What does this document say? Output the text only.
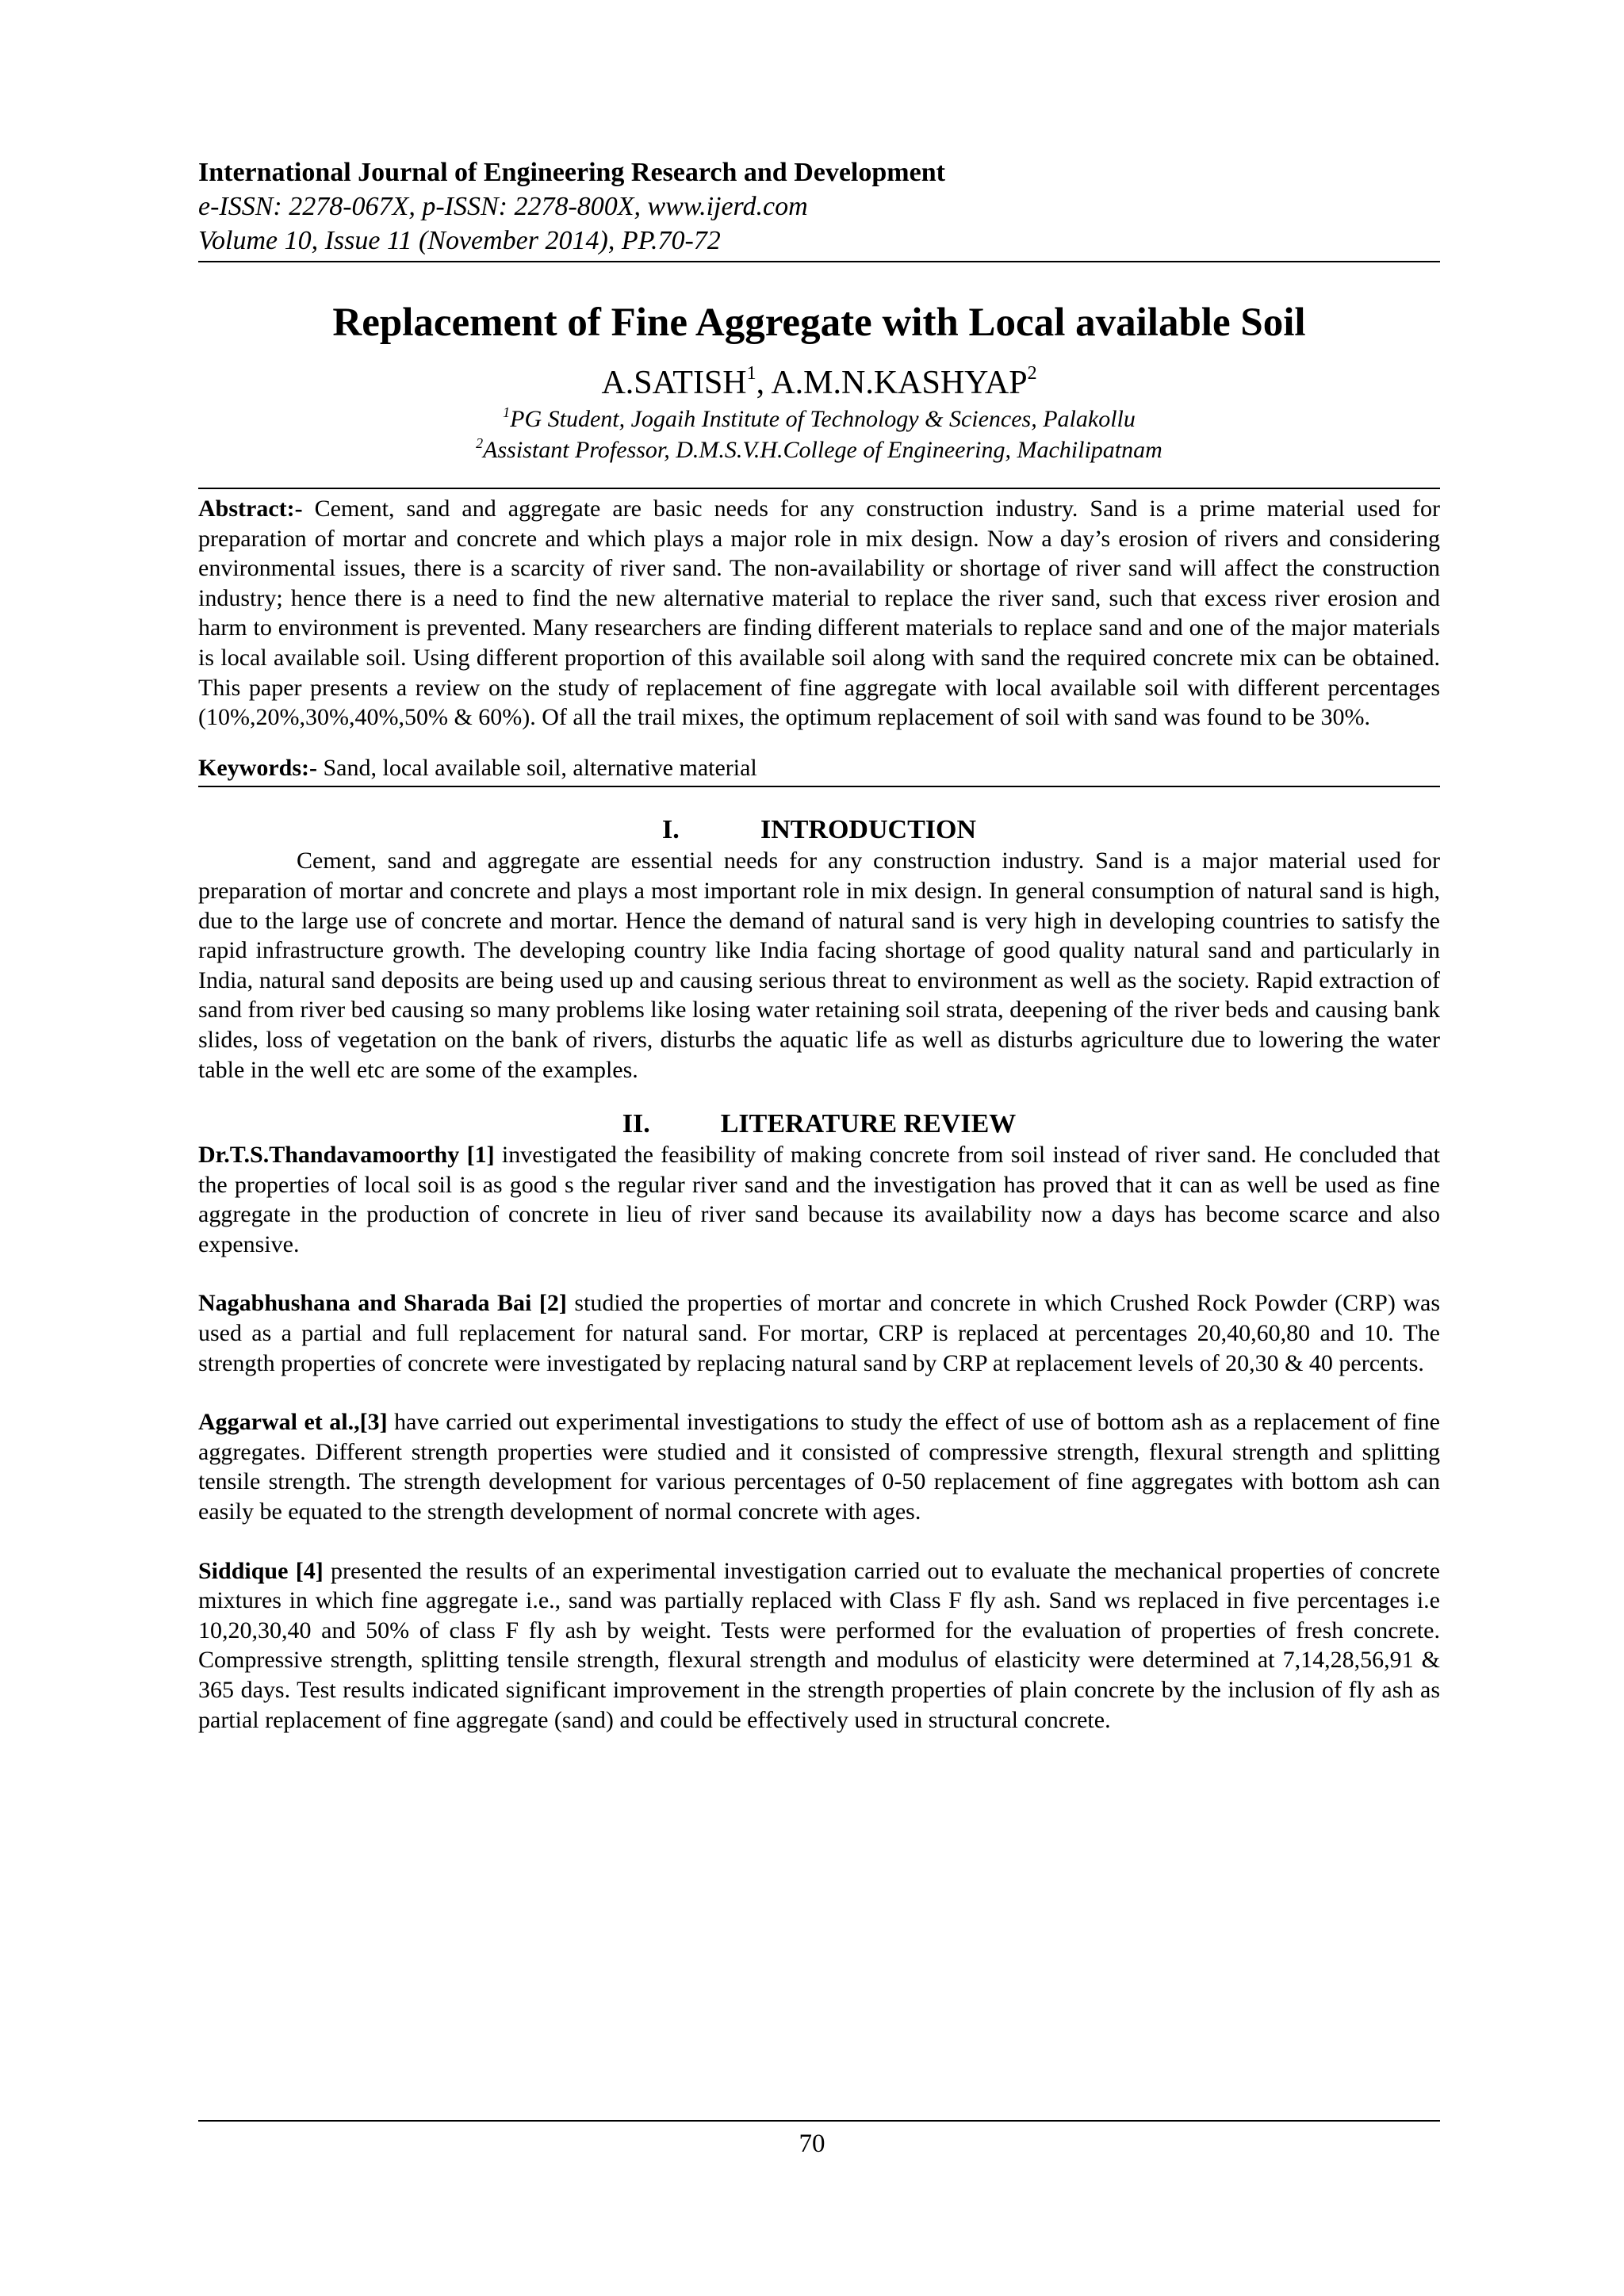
International Journal of Engineering Research and Development
e-ISSN: 2278-067X, p-ISSN: 2278-800X, www.ijerd.com
Volume 10, Issue 11 (November 2014), PP.70-72
Replacement of Fine Aggregate with Local available Soil
A.SATISH$^1$, A.M.N.KASHYAP$^2$
$^1$PG Student, Jogaih Institute of Technology & Sciences, Palakollu
$^2$Assistant Professor, D.M.S.V.H.College of Engineering, Machilipatnam
Abstract:- Cement, sand and aggregate are basic needs for any construction industry. Sand is a prime material used for preparation of mortar and concrete and which plays a major role in mix design. Now a day’s erosion of rivers and considering environmental issues, there is a scarcity of river sand. The non-availability or shortage of river sand will affect the construction industry; hence there is a need to find the new alternative material to replace the river sand, such that excess river erosion and harm to environment is prevented. Many researchers are finding different materials to replace sand and one of the major materials is local available soil. Using different proportion of this available soil along with sand the required concrete mix can be obtained. This paper presents a review on the study of replacement of fine aggregate with local available soil with different percentages (10%,20%,30%,40%,50% & 60%). Of all the trail mixes, the optimum replacement of soil with sand was found to be 30%.
Keywords:- Sand, local available soil, alternative material
I.	INTRODUCTION
Cement, sand and aggregate are essential needs for any construction industry. Sand is a major material used for preparation of mortar and concrete and plays a most important role in mix design. In general consumption of natural sand is high, due to the large use of concrete and mortar. Hence the demand of natural sand is very high in developing countries to satisfy the rapid infrastructure growth. The developing country like India facing shortage of good quality natural sand and particularly in India, natural sand deposits are being used up and causing serious threat to environment as well as the society. Rapid extraction of sand from river bed causing so many problems like losing water retaining soil strata, deepening of the river beds and causing bank slides, loss of vegetation on the bank of rivers, disturbs the aquatic life as well as disturbs agriculture due to lowering the water table in the well etc are some of the examples.
II.	LITERATURE REVIEW
Dr.T.S.Thandavamoorthy [1] investigated the feasibility of making concrete from soil instead of river sand. He concluded that the properties of local soil is as good s the regular river sand and the investigation has proved that it can as well be used as fine aggregate in the production of concrete in lieu of river sand because its availability now a days has become scarce and also expensive.
Nagabhushana and Sharada Bai [2] studied the properties of mortar and concrete in which Crushed Rock Powder (CRP) was used as a partial and full replacement for natural sand. For mortar, CRP is replaced at percentages 20,40,60,80 and 10. The strength properties of concrete were investigated by replacing natural sand by CRP at replacement levels of 20,30 & 40 percents.
Aggarwal et al.,[3] have carried out experimental investigations to study the effect of use of bottom ash as a replacement of fine aggregates. Different strength properties were studied and it consisted of compressive strength, flexural strength and splitting tensile strength. The strength development for various percentages of 0-50 replacement of fine aggregates with bottom ash can easily be equated to the strength development of normal concrete with ages.
Siddique [4] presented the results of an experimental investigation carried out to evaluate the mechanical properties of concrete mixtures in which fine aggregate i.e., sand was partially replaced with Class F fly ash. Sand ws replaced in five percentages i.e 10,20,30,40 and 50% of class F fly ash by weight. Tests were performed for the evaluation of properties of fresh concrete. Compressive strength, splitting tensile strength, flexural strength and modulus of elasticity were determined at 7,14,28,56,91 & 365 days. Test results indicated significant improvement in the strength properties of plain concrete by the inclusion of fly ash as partial replacement of fine aggregate (sand) and could be effectively used in structural concrete.
70
